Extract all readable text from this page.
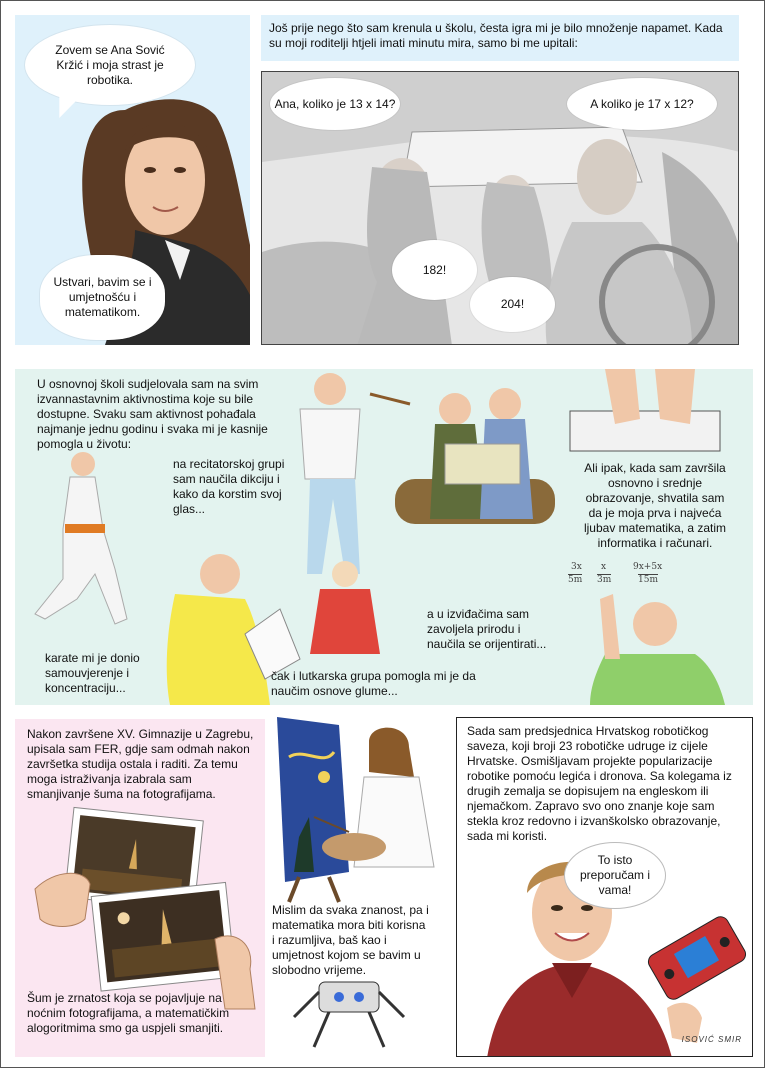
Zovem se Ana Sović Kržić i moja strast je robotika.
Ustvari, bavim se i umjetnošću i matematikom.
Još prije nego što sam krenula u školu, česta igra mi je bilo množenje napamet. Kada su moji roditelji htjeli imati minutu mira, samo bi me upitali:
Ana, koliko je 13 x 14?	A koliko je 17 x 12?
182!
204!
U osnovnoj školi sudjelovala sam na svim izvannastavnim aktivnostima koje su bile dostupne. Svaku sam aktivnost pohađala najmanje jednu godinu i svaka mi je kasnije pomogla u životu:
na recitatorskoj grupi sam naučila dikciju i kako da korstim svoj glas...
karate mi je donio samouvjerenje i koncentraciju...
čak i lutkarska grupa pomogla mi je da naučim osnove glume...
a u izviđačima sam zavoljela prirodu i naučila se orijentirati...
Ali ipak, kada sam završila osnovno i srednje obrazovanje, shvatila sam da je moja prva i najveća ljubav matematika, a zatim informatika i računari.
3x
5m
x
3m
9x+5x
15m
Nakon završene XV. Gimnazije u Zagrebu, upisala sam FER, gdje sam odmah nakon završetka studija ostala i raditi. Za temu moga istraživanja izabrala sam smanjivanje šuma na fotografijama.
Šum je zrnatost koja se pojavljuje na noćnim fotografijama, a matematičkim alogoritmima smo ga uspjeli smanjiti.
Mislim da svaka znanost, pa i matematika mora biti korisna i razumljiva, baš kao i umjetnost kojom se bavim u slobodno vrijeme.
Sada sam predsjednica Hrvatskog robotičkog saveza, koji broji 23 robotičke udruge iz cijele Hrvatske. Osmišljavam projekte popularizacije robotike pomoću legića i dronova. Sa kolegama iz drugih zemalja se dopisujem na engleskom ili njemačkom. Zapravo svo ono znanje koje sam stekla kroz redovno i izvanškolsko obrazovanje, sada mi koristi.
To isto preporučam i vama!
ISOVIĆ SMIR
